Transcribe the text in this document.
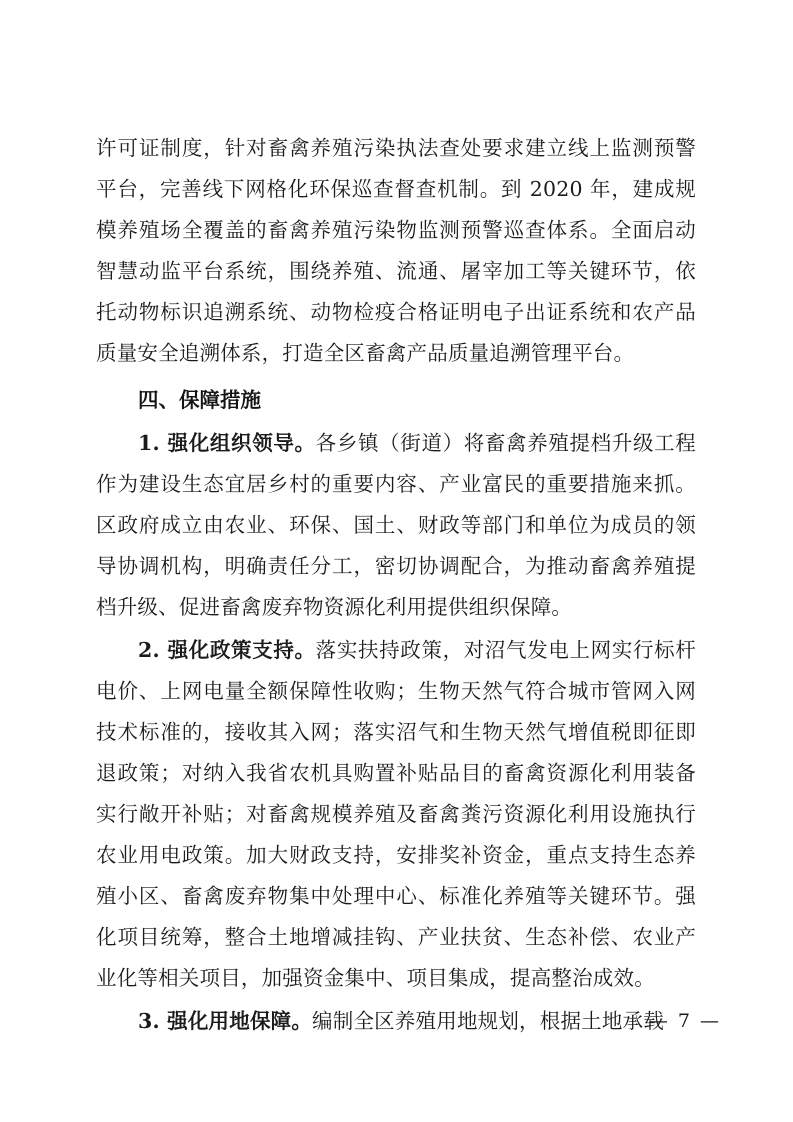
许可证制度，针对畜禽养殖污染执法查处要求建立线上监测预警平台，完善线下网格化环保巡查督查机制。到 2020 年，建成规模养殖场全覆盖的畜禽养殖污染物监测预警巡查体系。全面启动智慧动监平台系统，围绕养殖、流通、屠宰加工等关键环节，依托动物标识追溯系统、动物检疫合格证明电子出证系统和农产品质量安全追溯体系，打造全区畜禽产品质量追溯管理平台。

四、保障措施

1. 强化组织领导。各乡镇（街道）将畜禽养殖提档升级工程作为建设生态宜居乡村的重要内容、产业富民的重要措施来抓。区政府成立由农业、环保、国土、财政等部门和单位为成员的领导协调机构，明确责任分工，密切协调配合，为推动畜禽养殖提档升级、促进畜禽废弃物资源化利用提供组织保障。

2. 强化政策支持。落实扶持政策，对沼气发电上网实行标杆电价、上网电量全额保障性收购；生物天然气符合城市管网入网技术标准的，接收其入网；落实沼气和生物天然气增值税即征即退政策；对纳入我省农机具购置补贴品目的畜禽资源化利用装备实行敞开补贴；对畜禽规模养殖及畜禽粪污资源化利用设施执行农业用电政策。加大财政支持，安排奖补资金，重点支持生态养殖小区、畜禽废弃物集中处理中心、标准化养殖等关键环节。强化项目统筹，整合土地增减挂钩、产业扶贫、生态补偿、农业产业化等相关项目，加强资金集中、项目集成，提高整治成效。

3. 强化用地保障。编制全区养殖用地规划，根据土地承载

— 7 —
